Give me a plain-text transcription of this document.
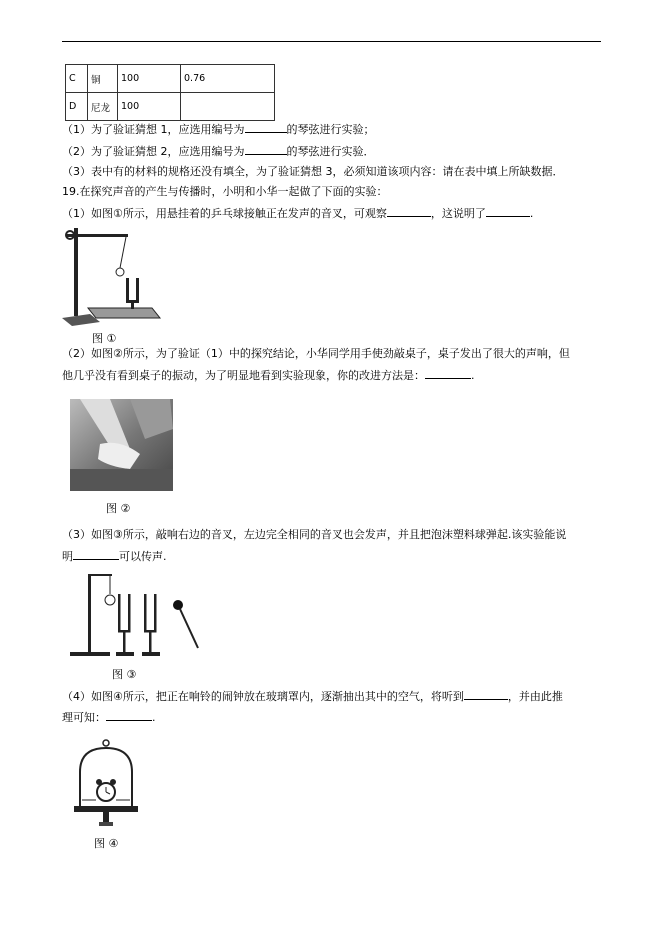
C	铜	100	0.76
D	尼龙	100	
（1）为了验证猜想 1，应选用编号为	的琴弦进行实验；
（2）为了验证猜想 2，应选用编号为	的琴弦进行实验．
（3）表中有的材料的规格还没有填全，为了验证猜想 3，必须知道该项内容：请在表中填上所缺数据．
19.在探究声音的产生与传播时，小明和小华一起做了下面的实验：
（1）如图①所示，用悬挂着的乒乓球接触正在发声的音叉，可观察	，这说明了	.
图 ①
（2）如图②所示，为了验证（1）中的探究结论，小华同学用手使劲敲桌子，桌子发出了很大的声响，但
他几乎没有看到桌子的振动，为了明显地看到实验现象，你的改进方法是：	.
图 ②
（3）如图③所示，敲响右边的音叉，左边完全相同的音叉也会发声，并且把泡沫塑料球弹起.该实验能说
明	可以传声.
图 ③
（4）如图④所示，把正在响铃的闹钟放在玻璃罩内，逐渐抽出其中的空气，将听到	，并由此推
理可知：	.
图 ④
